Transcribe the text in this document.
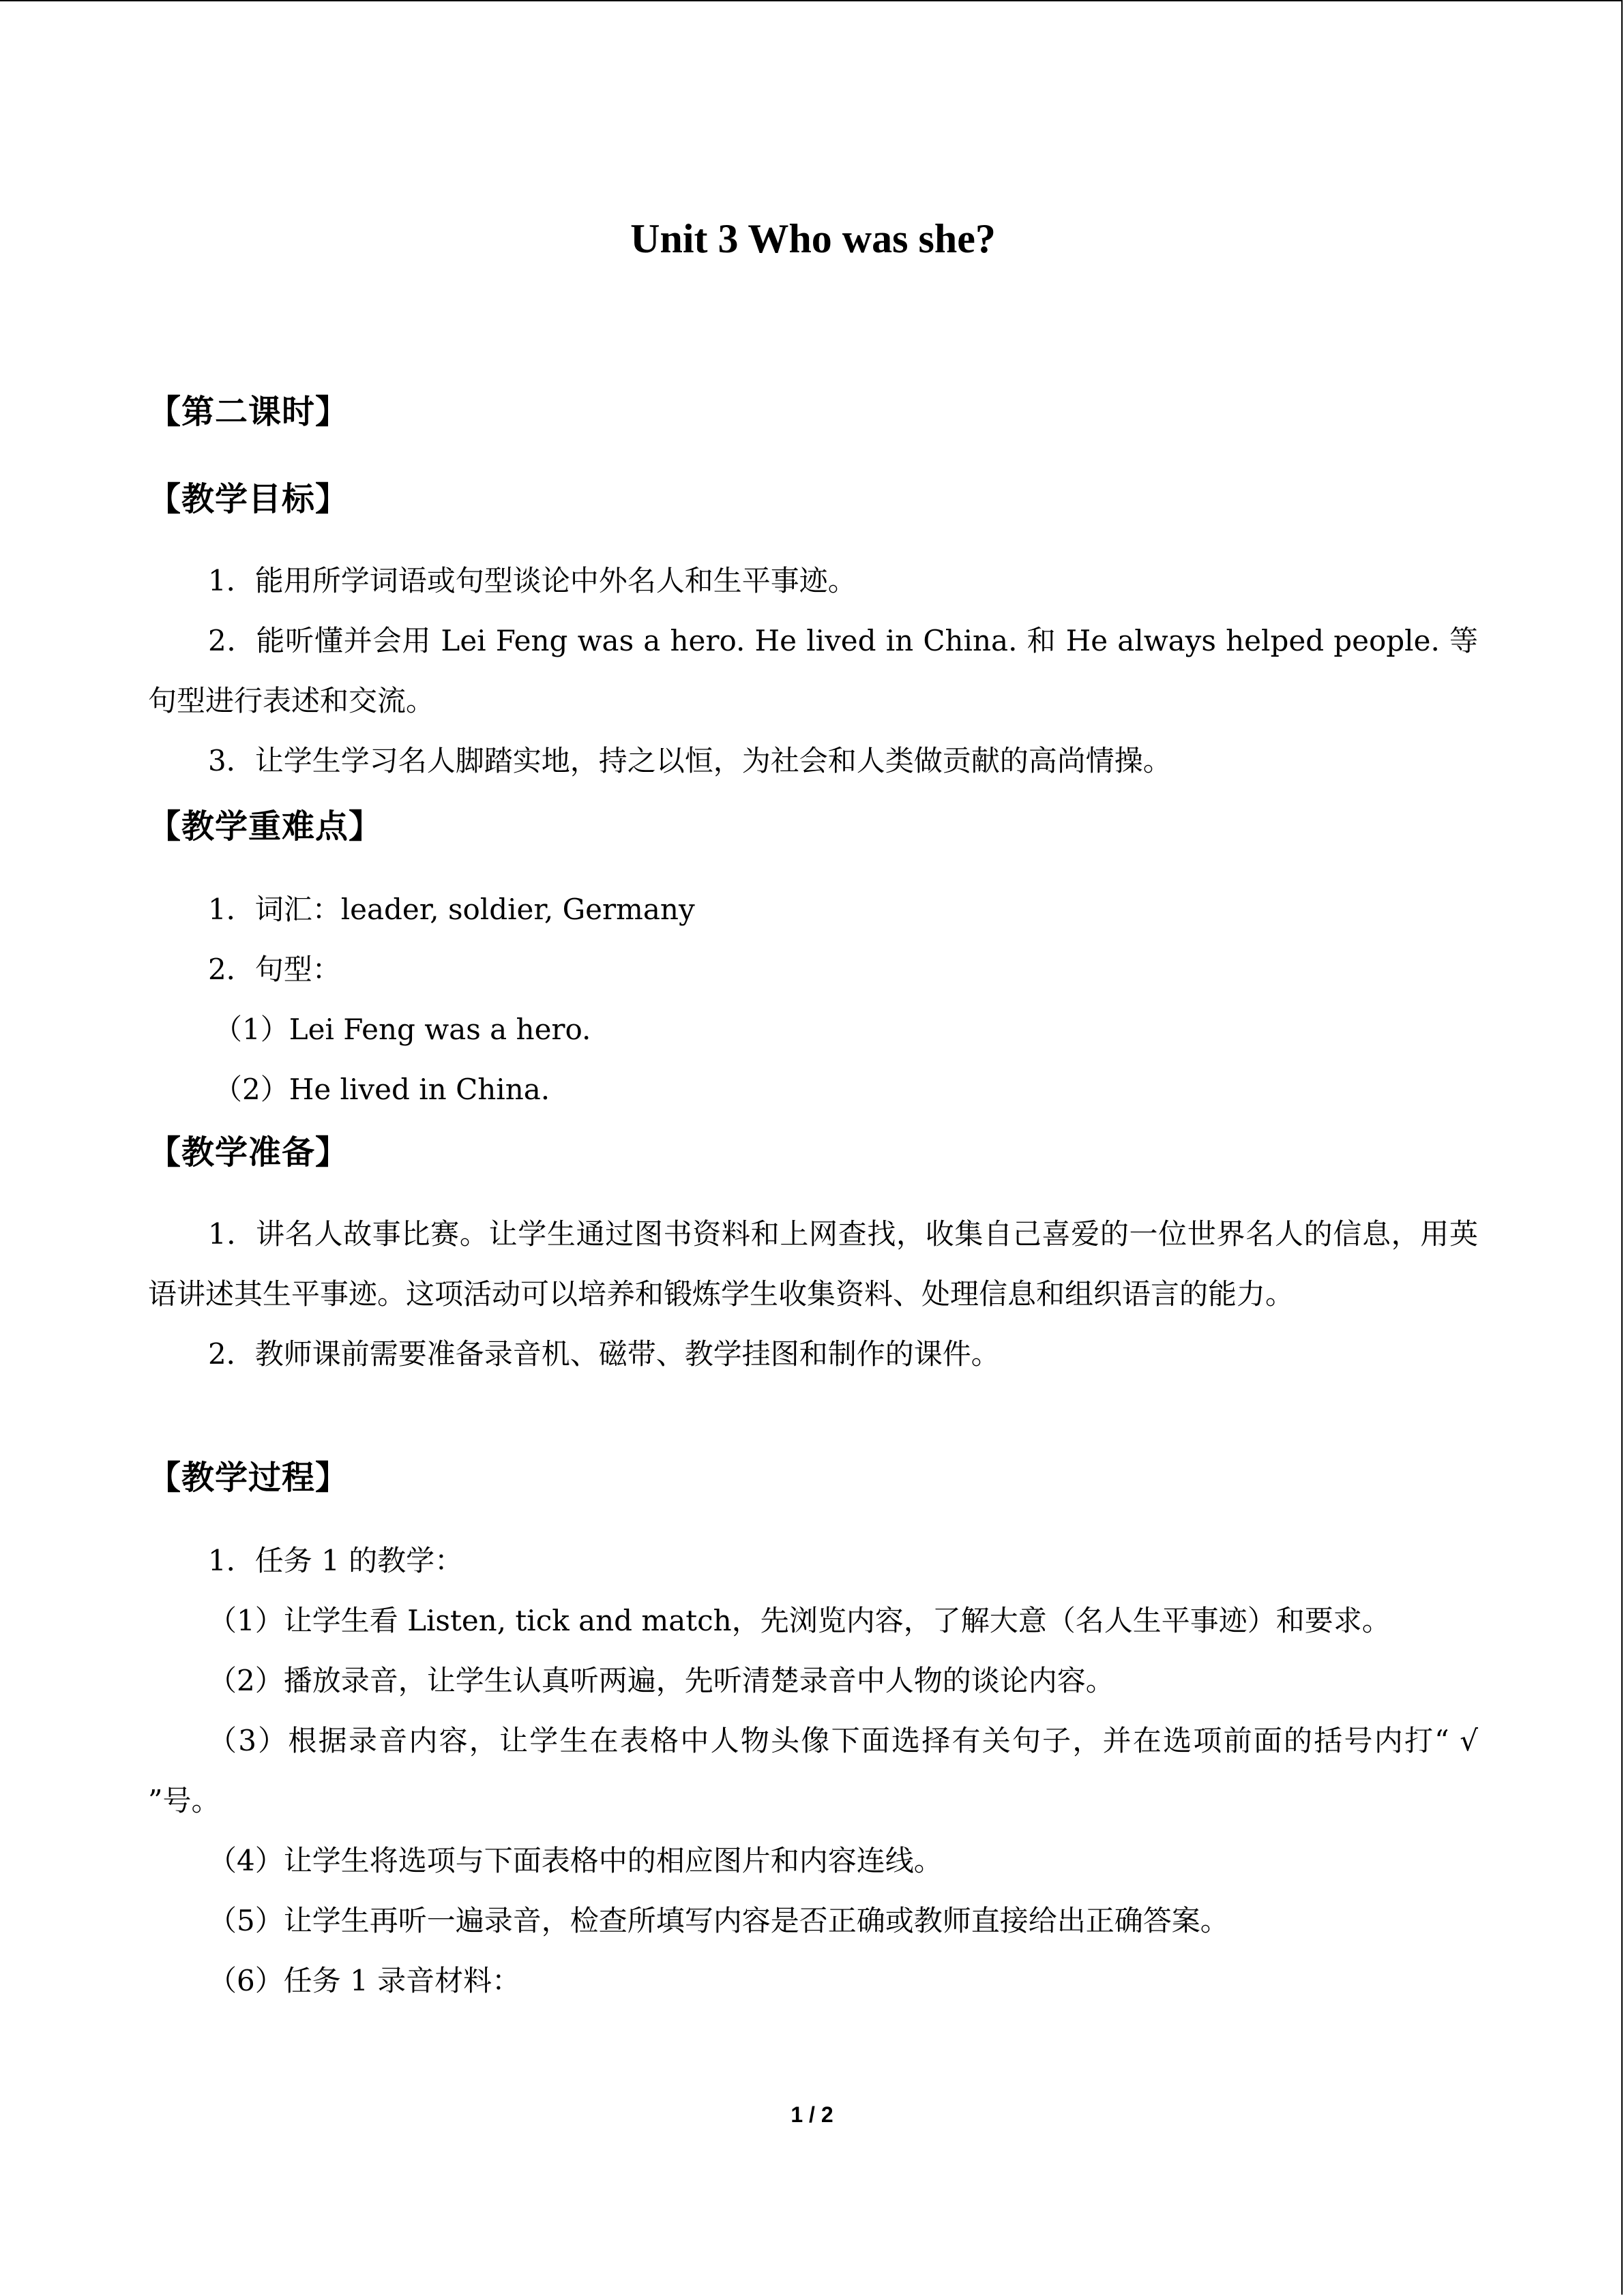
Unit 3 Who was she?

【第二课时】

【教学目标】

1．能用所学词语或句型谈论中外名人和生平事迹。

2．能听懂并会用 Lei Feng was a hero. He lived in China. 和 He always helped people. 等句型进行表述和交流。

3．让学生学习名人脚踏实地，持之以恒，为社会和人类做贡献的高尚情操。

【教学重难点】

1．词汇：leader, soldier, Germany

2．句型：

（1）Lei Feng was a hero.

（2）He lived in China.

【教学准备】

1．讲名人故事比赛。让学生通过图书资料和上网查找，收集自己喜爱的一位世界名人的信息，用英语讲述其生平事迹。这项活动可以培养和锻炼学生收集资料、处理信息和组织语言的能力。

2．教师课前需要准备录音机、磁带、教学挂图和制作的课件。

【教学过程】

1．任务 1 的教学：

（1）让学生看 Listen, tick and match，先浏览内容，了解大意（名人生平事迹）和要求。

（2）播放录音，让学生认真听两遍，先听清楚录音中人物的谈论内容。

（3）根据录音内容，让学生在表格中人物头像下面选择有关句子，并在选项前面的括号内打“ √ ”号。

（4）让学生将选项与下面表格中的相应图片和内容连线。

（5）让学生再听一遍录音，检查所填写内容是否正确或教师直接给出正确答案。

（6）任务 1 录音材料：

1 / 2
